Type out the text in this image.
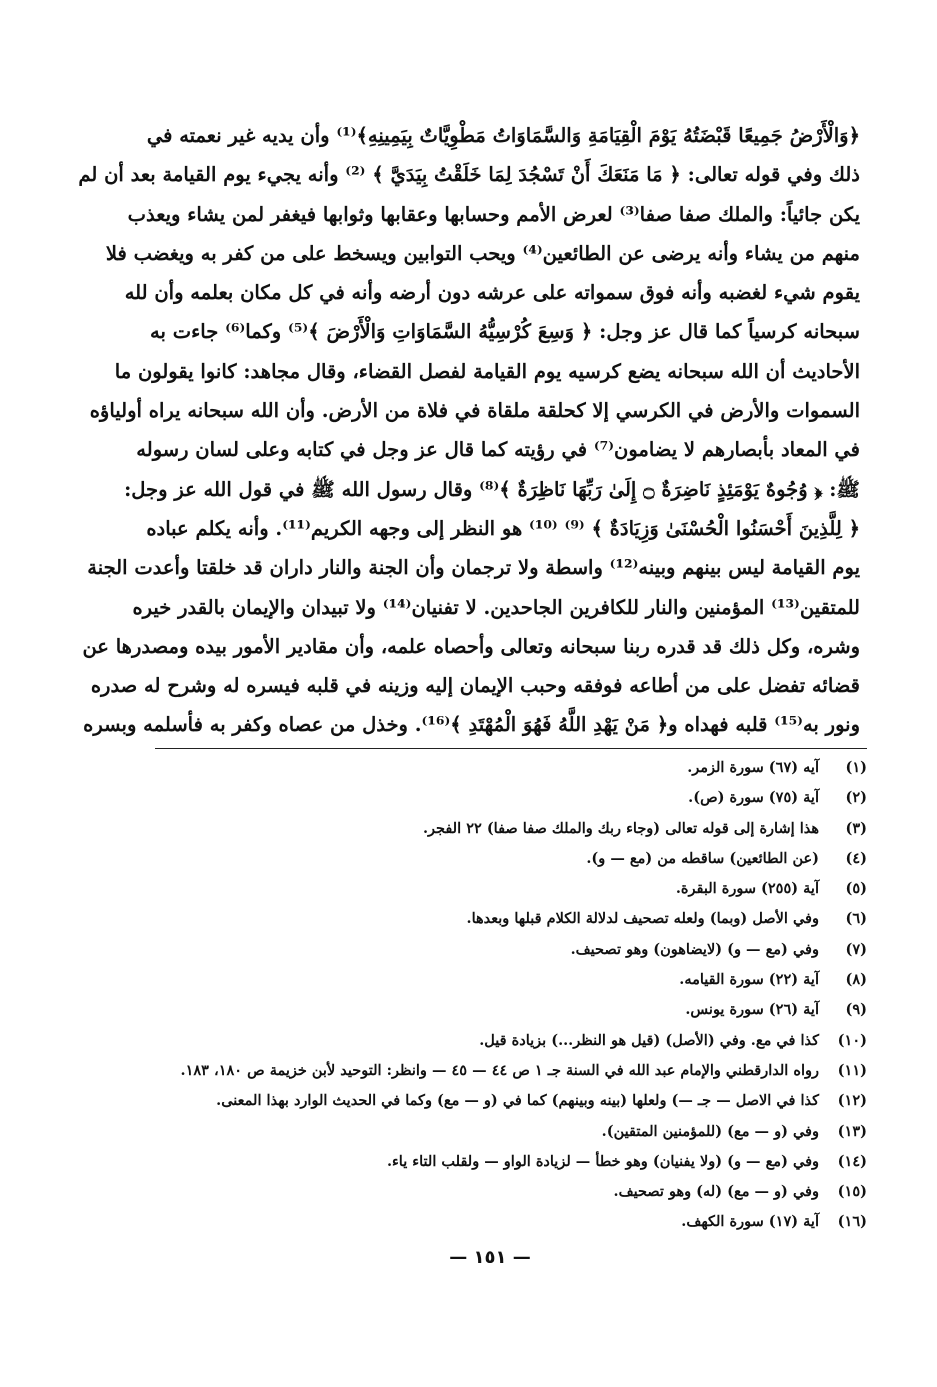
﴿وَالْأَرْضُ جَمِيعًا قَبْضَتُهُ يَوْمَ الْقِيَامَةِ وَالسَّمَاوَاتُ مَطْوِيَّاتٌ بِيَمِينِهِ﴾⁽¹⁾ وأن يديه غير نعمته في
ذلك وفي قوله تعالى: ﴿ مَا مَنَعَكَ أَنْ تَسْجُدَ لِمَا خَلَقْتُ بِيَدَيَّ ﴾ ⁽²⁾ وأنه يجيء يوم القيامة بعد أن لم
يكن جائياً: والملك صفا صفا⁽³⁾ لعرض الأمم وحسابها وعقابها وثوابها فيغفر لمن يشاء ويعذب
منهم من يشاء وأنه يرضى عن الطائعين⁽⁴⁾ ويحب التوابين ويسخط على من كفر به ويغضب فلا
يقوم شيء لغضبه وأنه فوق سمواته على عرشه دون أرضه وأنه في كل مكان بعلمه وأن لله
سبحانه كرسياً كما قال عز وجل: ﴿ وَسِعَ كُرْسِيُّهُ السَّمَاوَاتِ وَالْأَرْضَ ﴾⁽⁵⁾ وكما⁽⁶⁾ جاءت به
الأحاديث أن الله سبحانه يضع كرسيه يوم القيامة لفصل القضاء، وقال مجاهد: كانوا يقولون ما
السموات والأرض في الكرسي إلا كحلقة ملقاة في فلاة من الأرض. وأن الله سبحانه يراه أولياؤه
في المعاد بأبصارهم لا يضامون⁽⁷⁾ في رؤيته كما قال عز وجل في كتابه وعلى لسان رسوله
ﷺ: ﴿ وُجُوهٌ يَوْمَئِذٍ نَاضِرَةٌ ۝ إِلَىٰ رَبِّهَا نَاظِرَةٌ ﴾⁽⁸⁾ وقال رسول الله ﷺ في قول الله عز وجل:
﴿ لِلَّذِينَ أَحْسَنُوا الْحُسْنَىٰ وَزِيَادَةٌ ﴾ ⁽⁹⁾ ⁽¹⁰⁾ هو النظر إلى وجهه الكريم⁽¹¹⁾. وأنه يكلم عباده
يوم القيامة ليس بينهم وبينه⁽¹²⁾ واسطة ولا ترجمان وأن الجنة والنار داران قد خلقتا وأعدت الجنة
للمتقين⁽¹³⁾ المؤمنين والنار للكافرين الجاحدين. لا تفنيان⁽¹⁴⁾ ولا تبيدان والإيمان بالقدر خيره
وشره، وكل ذلك قد قدره ربنا سبحانه وتعالى وأحصاه علمه، وأن مقادير الأمور بيده ومصدرها عن
قضائه تفضل على من أطاعه فوفقه وحبب الإيمان إليه وزينه في قلبه فيسره له وشرح له صدره
ونور به⁽¹⁵⁾ قلبه فهداه و﴿ مَنْ يَهْدِ اللَّهُ فَهُوَ الْمُهْتَدِ ﴾⁽¹⁶⁾. وخذل من عصاه وكفر به فأسلمه وبسره
(١)
آيه (٦٧) سورة الزمر.
(٢)
آية (٧٥) سورة (ص).
(٣)
هذا إشارة إلى قوله تعالى (وجاء ربك والملك صفا صفا) ٢٢ الفجر.
(٤)
(عن الطائعين) ساقطه من (مع — و).
(٥)
آية (٢٥٥) سورة البقرة.
(٦)
وفي الأصل (وبما) ولعله تصحيف لدلالة الكلام قبلها وبعدها.
(٧)
وفي (مع — و) (لايضاهون) وهو تصحيف.
(٨)
آية (٢٢) سورة القيامه.
(٩)
آية (٢٦) سورة يونس.
(١٠)
كذا في مع. وفي (الأصل) (قيل هو النظر...) بزيادة قيل.
(١١)
رواه الدارقطني والإمام عبد الله في السنة جـ ١ ص ٤٤ — ٤٥ — وانظر: التوحيد لأبن خزيمة ص ١٨٠، ١٨٣.
(١٢)
كذا في الاصل — جـ —) ولعلها (بينه وبينهم) كما في (و — مع) وكما في الحديث الوارد بهذا المعنى.
(١٣)
وفي (و — مع) (للمؤمنين المتقين).
(١٤)
وفي (مع — و) (ولا يفنيان) وهو خطأ — لزيادة الواو — ولقلب التاء ياء.
(١٥)
وفي (و — مع) (له) وهو تصحيف.
(١٦)
آية (١٧) سورة الكهف.
— ١٥١ —
